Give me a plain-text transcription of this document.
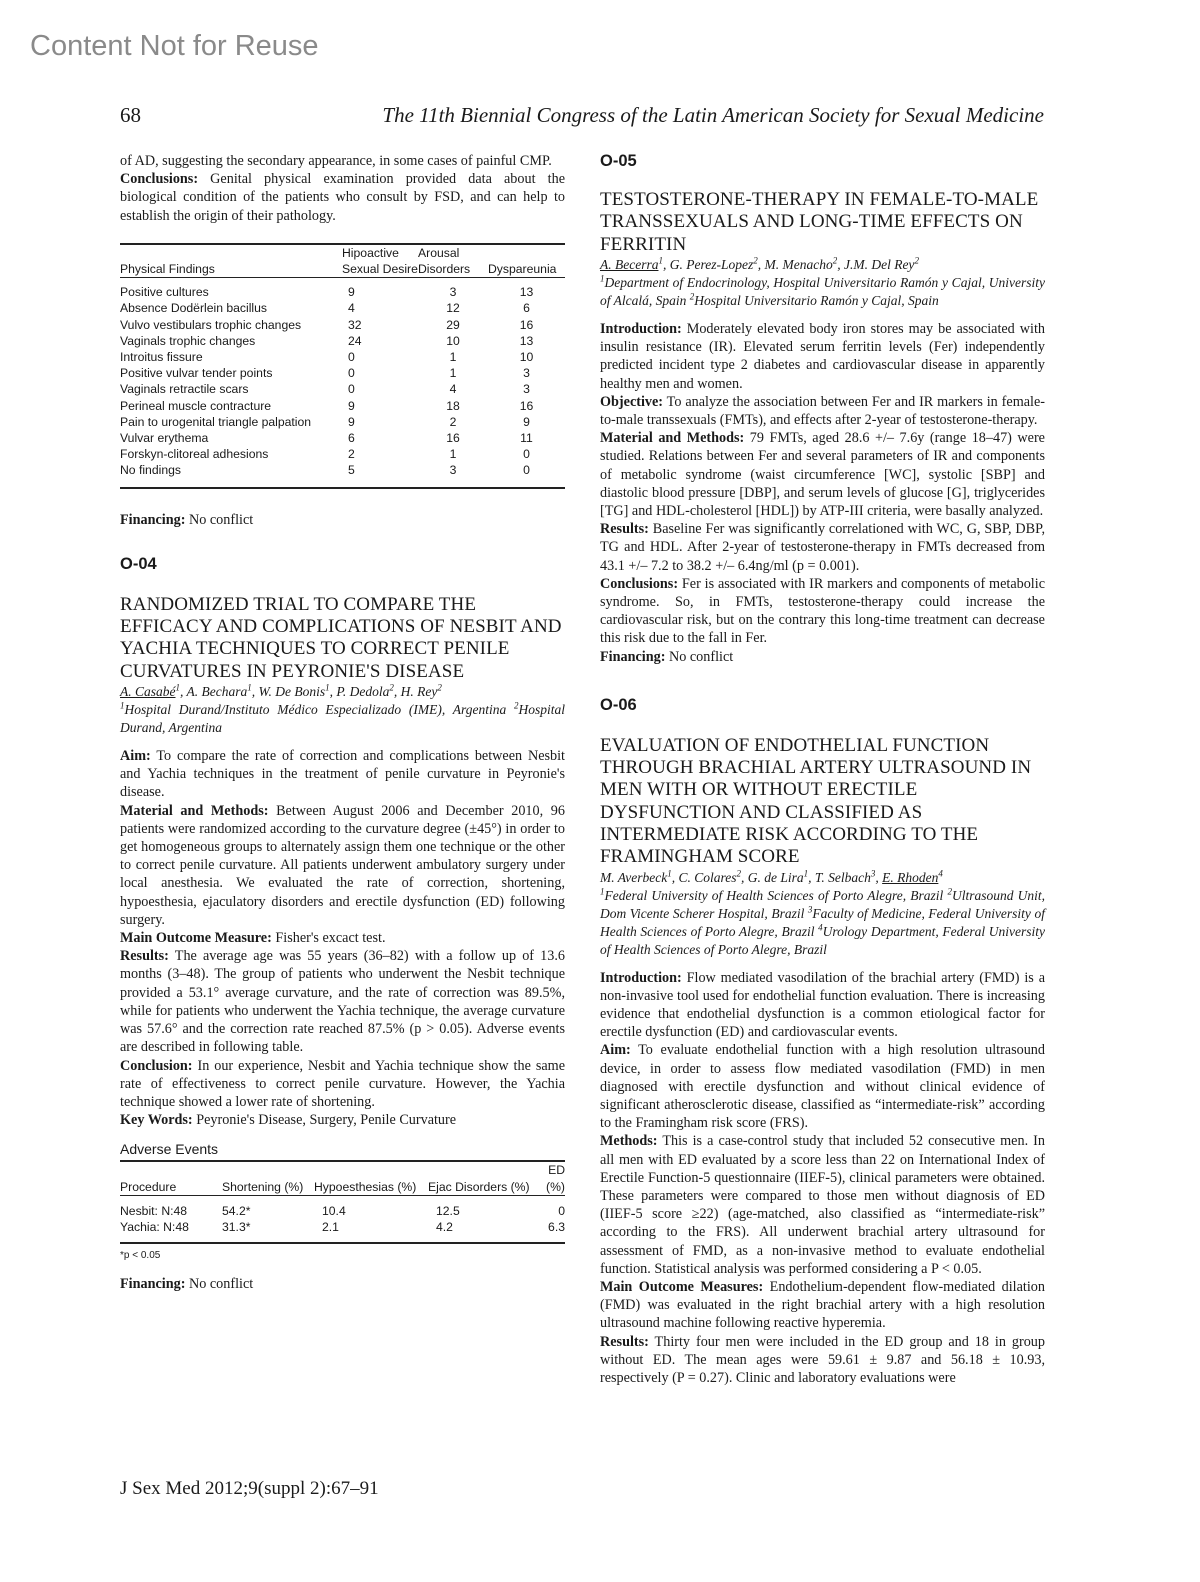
Content Not for Reuse
68	The 11th Biennial Congress of the Latin American Society for Sexual Medicine

of AD, suggesting the secondary appearance, in some cases of painful CMP.

Conclusions: Genital physical examination provided data about the biological condition of the patients who consult by FSD, and can help to establish the origin of their pathology.

Physical Findings	Hipoactive Sexual Desire	Arousal Disorders	Dyspareunia
Positive cultures	9	3	13
Absence Dodërlein bacillus	4	12	6
Vulvo vestibulars trophic changes	32	29	16
Vaginals trophic changes	24	10	13
Introitus fissure	0	1	10
Positive vulvar tender points	0	1	3
Vaginals retractile scars	0	4	3
Perineal muscle contracture	9	18	16
Pain to urogenital triangle palpation	9	2	9
Vulvar erythema	6	16	11
Forskyn-clitoreal adhesions	2	1	0
No findings	5	3	0

Financing: No conflict

O-04
RANDOMIZED TRIAL TO COMPARE THE EFFICACY AND COMPLICATIONS OF NESBIT AND YACHIA TECHNIQUES TO CORRECT PENILE CURVATURES IN PEYRONIE'S DISEASE
A. Casabé$^1$, A. Bechara$^1$, W. De Bonis$^1$, P. Dedola$^2$, H. Rey$^2$
$^1$Hospital Durand/Instituto Médico Especializado (IME), Argentina $^2$Hospital Durand, Argentina

Aim: To compare the rate of correction and complications between Nesbit and Yachia techniques in the treatment of penile curvature in Peyronie's disease.

Material and Methods: Between August 2006 and December 2010, 96 patients were randomized according to the curvature degree (±45°) in order to get homogeneous groups to alternately assign them one technique or the other to correct penile curvature. All patients underwent ambulatory surgery under local anesthesia. We evaluated the rate of correction, shortening, hypoesthesia, ejaculatory disorders and erectile dysfunction (ED) following surgery.

Main Outcome Measure: Fisher's excact test.

Results: The average age was 55 years (36–82) with a follow up of 13.6 months (3–48). The group of patients who underwent the Nesbit technique provided a 53.1° average curvature, and the rate of correction was 89.5%, while for patients who underwent the Yachia technique, the average curvature was 57.6° and the correction rate reached 87.5% (p > 0.05). Adverse events are described in following table.

Conclusion: In our experience, Nesbit and Yachia technique show the same rate of effectiveness to correct penile curvature. However, the Yachia technique showed a lower rate of shortening.

Key Words: Peyronie's Disease, Surgery, Penile Curvature

Adverse Events
Procedure	Shortening (%)	Hypoesthesias (%)	Ejac Disorders (%)	ED (%)
Nesbit: N:48	54.2*	10.4	12.5	0
Yachia: N:48	31.3*	2.1	4.2	6.3
*p < 0.05

Financing: No conflict

O-05
TESTOSTERONE-THERAPY IN FEMALE-TO-MALE TRANSSEXUALS AND LONG-TIME EFFECTS ON FERRITIN
A. Becerra$^1$, G. Perez-Lopez$^2$, M. Menacho$^2$, J.M. Del Rey$^2$
$^1$Department of Endocrinology, Hospital Universitario Ramón y Cajal, University of Alcalá, Spain $^2$Hospital Universitario Ramón y Cajal, Spain

Introduction: Moderately elevated body iron stores may be associated with insulin resistance (IR). Elevated serum ferritin levels (Fer) independently predicted incident type 2 diabetes and cardiovascular disease in apparently healthy men and women.

Objective: To analyze the association between Fer and IR markers in female-to-male transsexuals (FMTs), and effects after 2-year of testosterone-therapy.

Material and Methods: 79 FMTs, aged 28.6 +/– 7.6y (range 18–47) were studied. Relations between Fer and several parameters of IR and components of metabolic syndrome (waist circumference [WC], systolic [SBP] and diastolic blood pressure [DBP], and serum levels of glucose [G], triglycerides [TG] and HDL-cholesterol [HDL]) by ATP-III criteria, were basally analyzed.

Results: Baseline Fer was significantly correlationed with WC, G, SBP, DBP, TG and HDL. After 2-year of testosterone-therapy in FMTs decreased from 43.1 +/– 7.2 to 38.2 +/– 6.4ng/ml (p = 0.001).

Conclusions: Fer is associated with IR markers and components of metabolic syndrome. So, in FMTs, testosterone-therapy could increase the cardiovascular risk, but on the contrary this long-time treatment can decrease this risk due to the fall in Fer.

Financing: No conflict

O-06
EVALUATION OF ENDOTHELIAL FUNCTION THROUGH BRACHIAL ARTERY ULTRASOUND IN MEN WITH OR WITHOUT ERECTILE DYSFUNCTION AND CLASSIFIED AS INTERMEDIATE RISK ACCORDING TO THE FRAMINGHAM SCORE
M. Averbeck$^1$, C. Colares$^2$, G. de Lira$^1$, T. Selbach$^3$, E. Rhoden$^4$
$^1$Federal University of Health Sciences of Porto Alegre, Brazil $^2$Ultrasound Unit, Dom Vicente Scherer Hospital, Brazil $^3$Faculty of Medicine, Federal University of Health Sciences of Porto Alegre, Brazil $^4$Urology Department, Federal University of Health Sciences of Porto Alegre, Brazil

Introduction: Flow mediated vasodilation of the brachial artery (FMD) is a non-invasive tool used for endothelial function evaluation. There is increasing evidence that endothelial dysfunction is a common etiological factor for erectile dysfunction (ED) and cardiovascular events.

Aim: To evaluate endothelial function with a high resolution ultrasound device, in order to assess flow mediated vasodilation (FMD) in men diagnosed with erectile dysfunction and without clinical evidence of significant atherosclerotic disease, classified as “intermediate-risk” according to the Framingham risk score (FRS).

Methods: This is a case-control study that included 52 consecutive men. In all men with ED evaluated by a score less than 22 on International Index of Erectile Function-5 questionnaire (IIEF-5), clinical parameters were obtained. These parameters were compared to those men without diagnosis of ED (IIEF-5 score ≥22) (age-matched, also classified as “intermediate-risk” according to the FRS). All underwent brachial artery ultrasound for assessment of FMD, as a non-invasive method to evaluate endothelial function. Statistical analysis was performed considering a P < 0.05.

Main Outcome Measures: Endothelium-dependent flow-mediated dilation (FMD) was evaluated in the right brachial artery with a high resolution ultrasound machine following reactive hyperemia.

Results: Thirty four men were included in the ED group and 18 in group without ED. The mean ages were 59.61 ± 9.87 and 56.18 ± 10.93, respectively (P = 0.27). Clinic and laboratory evaluations were

J Sex Med 2012;9(suppl 2):67–91
